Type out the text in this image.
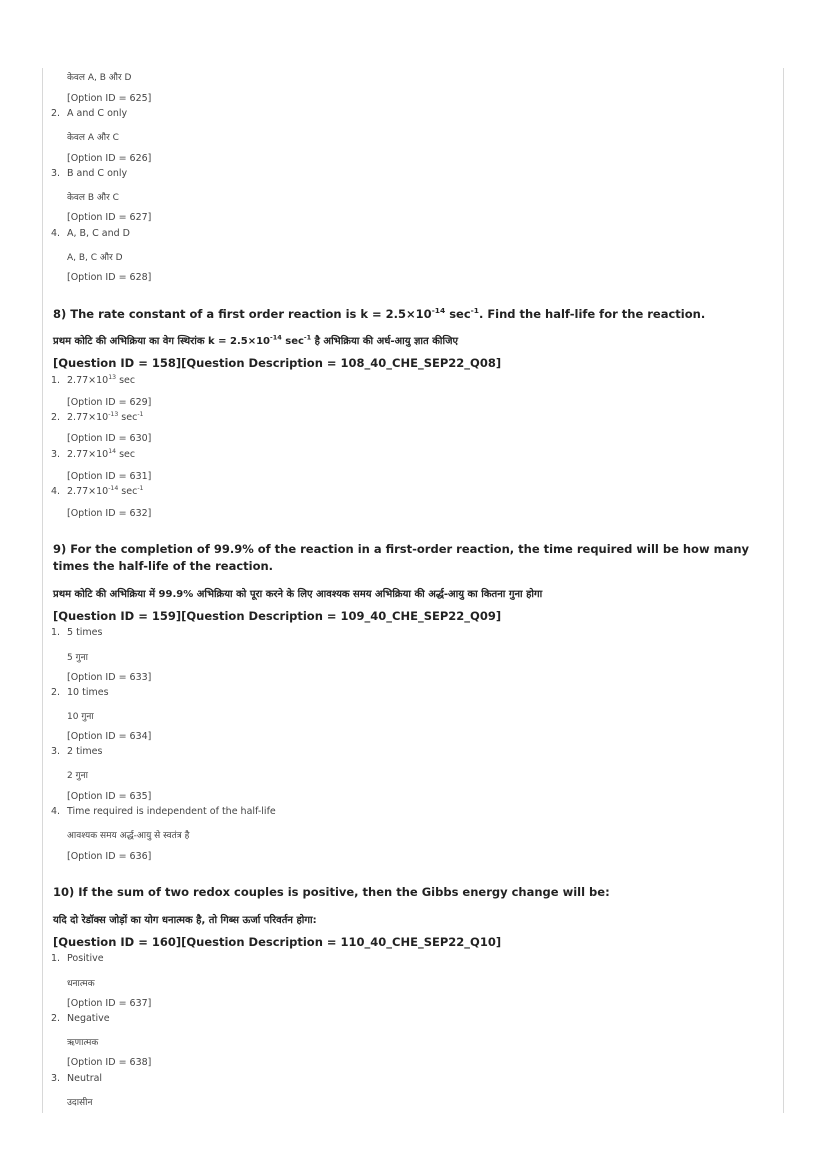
केवल A, B और D
[Option ID = 625]
2. A and C only
केवल A और C
[Option ID = 626]
3. B and C only
केवल B और C
[Option ID = 627]
4. A, B, C and D
A, B, C और D
[Option ID = 628]
8) The rate constant of a first order reaction is $k = 2.5\times 10^{-14}$ $\sec^{-1}$. Find the half-life for the reaction.
प्रथम कोटि की अभिक्रिया का वेग स्थिरांक $k = 2.5\times 10^{-14}$ $\sec^{-1}$ है अभिक्रिया की अर्ध-आयु ज्ञात कीजिए
[Question ID = 158][Question Description = 108_40_CHE_SEP22_Q08]
1. $2.77\times 10^{13}$ sec
[Option ID = 629]
2. $2.77\times 10^{-13}$ $\sec^{-1}$
[Option ID = 630]
3. $2.77\times 10^{14}$ sec
[Option ID = 631]
4. $2.77\times 10^{-14}$ $\sec^{-1}$
[Option ID = 632]
9) For the completion of 99.9% of the reaction in a first-order reaction, the time required will be how many times the half-life of the reaction.
प्रथम कोटि की अभिक्रिया में 99.9% अभिक्रिया को पूरा करने के लिए आवश्यक समय अभिक्रिया की अर्द्ध-आयु का कितना गुना होगा
[Question ID = 159][Question Description = 109_40_CHE_SEP22_Q09]
1. 5 times
5 गुना
[Option ID = 633]
2. 10 times
10 गुना
[Option ID = 634]
3. 2 times
2 गुना
[Option ID = 635]
4. Time required is independent of the half-life
आवश्यक समय अर्द्ध-आयु से स्वतंत्र है
[Option ID = 636]
10) If the sum of two redox couples is positive, then the Gibbs energy change will be:
यदि दो रेडॉक्स जोड़ों का योग धनात्मक है, तो गिब्स ऊर्जा परिवर्तन होगा:
[Question ID = 160][Question Description = 110_40_CHE_SEP22_Q10]
1. Positive
धनात्मक
[Option ID = 637]
2. Negative
ऋणात्मक
[Option ID = 638]
3. Neutral
उदासीन
